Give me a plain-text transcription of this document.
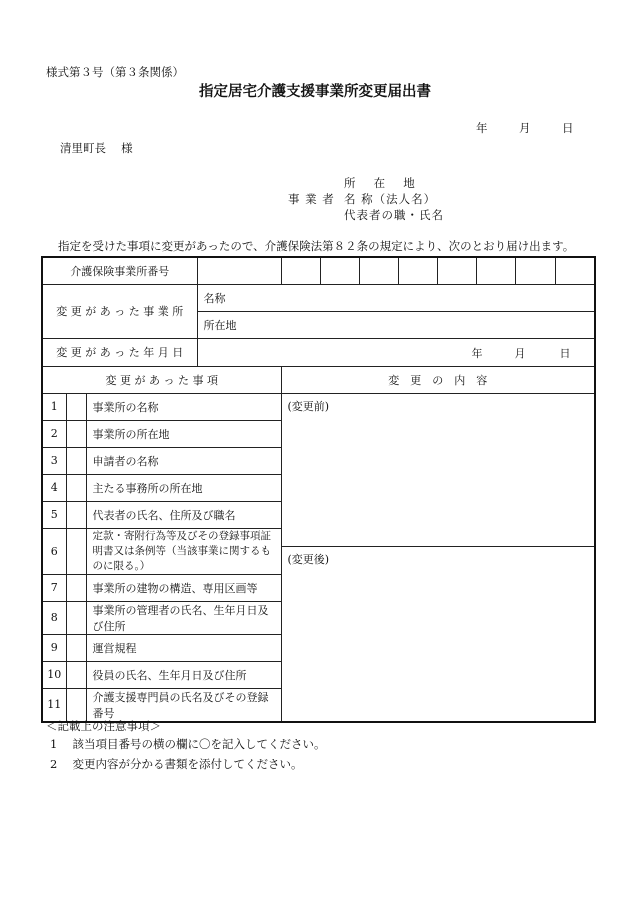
様式第３号（第３条関係）
指定居宅介護支援事業所変更届出書
年	月	日
清里町長　 様
所　 在　 地
事 業 者 名 称（法人名）
代表者の職・氏名
指定を受けた事項に変更があったので、介護保険法第８２条の規定により、次のとおり届け出ます。
介護保険事業所番号											
変 更 が あ っ た 事 業 所			名称								
			所在地								
変 更 が あ っ た 年 月 日			年 月 日								

変 更 が あ っ た 事 項				変　更　の　内　容							
1		事業所の名称		(変更前)							
2		事業所の所在地									
3		申請者の名称									
4		主たる事務所の所在地									
5		代表者の氏名、住所及び職名									
6		定款・寄附行為等及びその登録事項証明書又は条例等（当該事業に関するものに限る。）									
				(変更後)							
7		事業所の建物の構造、専用区画等									
8		事業所の管理者の氏名、生年月日及び住所									
9		運営規程									
10		役員の氏名、生年月日及び住所									
11		介護支援専門員の氏名及びその登録番号									
＜記載上の注意事項＞
1　 該当項目番号の横の欄に〇を記入してください。
2　 変更内容が分かる書類を添付してください。
